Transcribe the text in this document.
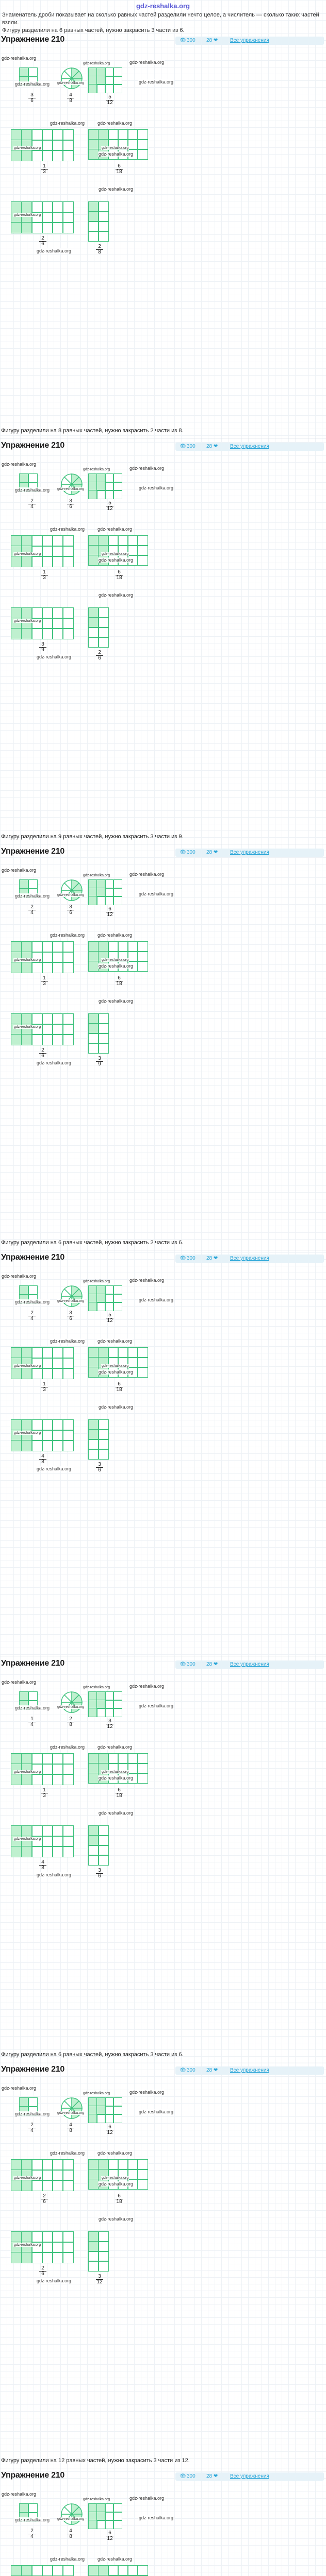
gdz-reshalka.org

Знаменатель дроби показывает на сколько равных частей разделили нечто целое, а числитель — сколько таких частей взяли.

Фигуру разделили на 6 равных частей, нужно закрасить 3 части из 6.

Упражнение 210	👁 300 28 ❤ Все упражнения
$\frac{3}{6}$	$\frac{4}{8}$	$\frac{5}{12}$
$\frac{1}{3}$	$\frac{6}{18}$
$\frac{2}{8}$
$\frac{2}{6}$
gdz-reshalka.org
gdz-reshalka.org
gdz-reshalka.org
gdz-reshalka.org
gdz-reshalka.org	gdz-reshalka.org
gdz-reshalka.org	gdz-reshalka.org
gdz-reshalka.org	gdz-reshalka.org
gdz-reshalka.org
gdz-reshalka.org
gdz-reshalka.org
gdz-reshalka.org
Фигуру разделили на 8 равных частей, нужно закрасить 2 части из 8.
Упражнение 210	👁 300 28 ❤ Все упражнения
$\frac{2}{4}$	$\frac{3}{6}$	$\frac{5}{12}$
$\frac{1}{3}$	$\frac{6}{18}$
$\frac{2}{6}$
$\frac{3}{9}$
gdz-reshalka.org
gdz-reshalka.org
gdz-reshalka.org
gdz-reshalka.org
gdz-reshalka.org	gdz-reshalka.org
gdz-reshalka.org	gdz-reshalka.org
gdz-reshalka.org	gdz-reshalka.org
gdz-reshalka.org
gdz-reshalka.org
gdz-reshalka.org
gdz-reshalka.org
Фигуру разделили на 9 равных частей, нужно закрасить 3 части из 9.
Упражнение 210	👁 300 28 ❤ Все упражнения
$\frac{2}{4}$	$\frac{3}{6}$	$\frac{6}{12}$
$\frac{1}{3}$	$\frac{6}{18}$
$\frac{3}{9}$
$\frac{2}{6}$
gdz-reshalka.org
gdz-reshalka.org
gdz-reshalka.org
gdz-reshalka.org
gdz-reshalka.org	gdz-reshalka.org
gdz-reshalka.org	gdz-reshalka.org
gdz-reshalka.org	gdz-reshalka.org
gdz-reshalka.org
gdz-reshalka.org
gdz-reshalka.org
gdz-reshalka.org
Фигуру разделили на 6 равных частей, нужно закрасить 2 части из 6.
Упражнение 210	👁 300 28 ❤ Все упражнения
$\frac{2}{4}$	$\frac{3}{6}$	$\frac{5}{12}$
$\frac{1}{3}$	$\frac{6}{18}$
$\frac{3}{6}$
$\frac{4}{8}$
gdz-reshalka.org
gdz-reshalka.org
gdz-reshalka.org
gdz-reshalka.org
gdz-reshalka.org	gdz-reshalka.org
gdz-reshalka.org	gdz-reshalka.org
gdz-reshalka.org	gdz-reshalka.org
gdz-reshalka.org
gdz-reshalka.org
gdz-reshalka.org
gdz-reshalka.org
Упражнение 210	👁 300 28 ❤ Все упражнения
$\frac{1}{4}$	$\frac{2}{8}$	$\frac{3}{12}$
$\frac{1}{3}$	$\frac{6}{18}$
$\frac{3}{6}$
$\frac{4}{8}$
gdz-reshalka.org
gdz-reshalka.org
gdz-reshalka.org
gdz-reshalka.org
gdz-reshalka.org	gdz-reshalka.org
gdz-reshalka.org	gdz-reshalka.org
gdz-reshalka.org	gdz-reshalka.org
gdz-reshalka.org
gdz-reshalka.org
gdz-reshalka.org
gdz-reshalka.org
Фигуру разделили на 6 равных частей, нужно закрасить 3 части из 6.
Упражнение 210	👁 300 28 ❤ Все упражнения
$\frac{2}{4}$	$\frac{4}{8}$	$\frac{6}{12}$
$\frac{2}{6}$	$\frac{6}{18}$
$\frac{3}{12}$
$\frac{2}{6}$
gdz-reshalka.org
gdz-reshalka.org
gdz-reshalka.org
gdz-reshalka.org
gdz-reshalka.org	gdz-reshalka.org
gdz-reshalka.org	gdz-reshalka.org
gdz-reshalka.org	gdz-reshalka.org
gdz-reshalka.org
gdz-reshalka.org
gdz-reshalka.org
gdz-reshalka.org
Фигуру разделили на 12 равных частей, нужно закрасить 3 части из 12.
Упражнение 210	👁 300 28 ❤ Все упражнения
$\frac{2}{4}$	$\frac{4}{8}$	$\frac{6}{12}$
gdz-reshalka.org
gdz-reshalka.org
gdz-reshalka.org
gdz-reshalka.org
gdz-reshalka.org	gdz-reshalka.org
gdz-reshalka.org	gdz-reshalka.org
